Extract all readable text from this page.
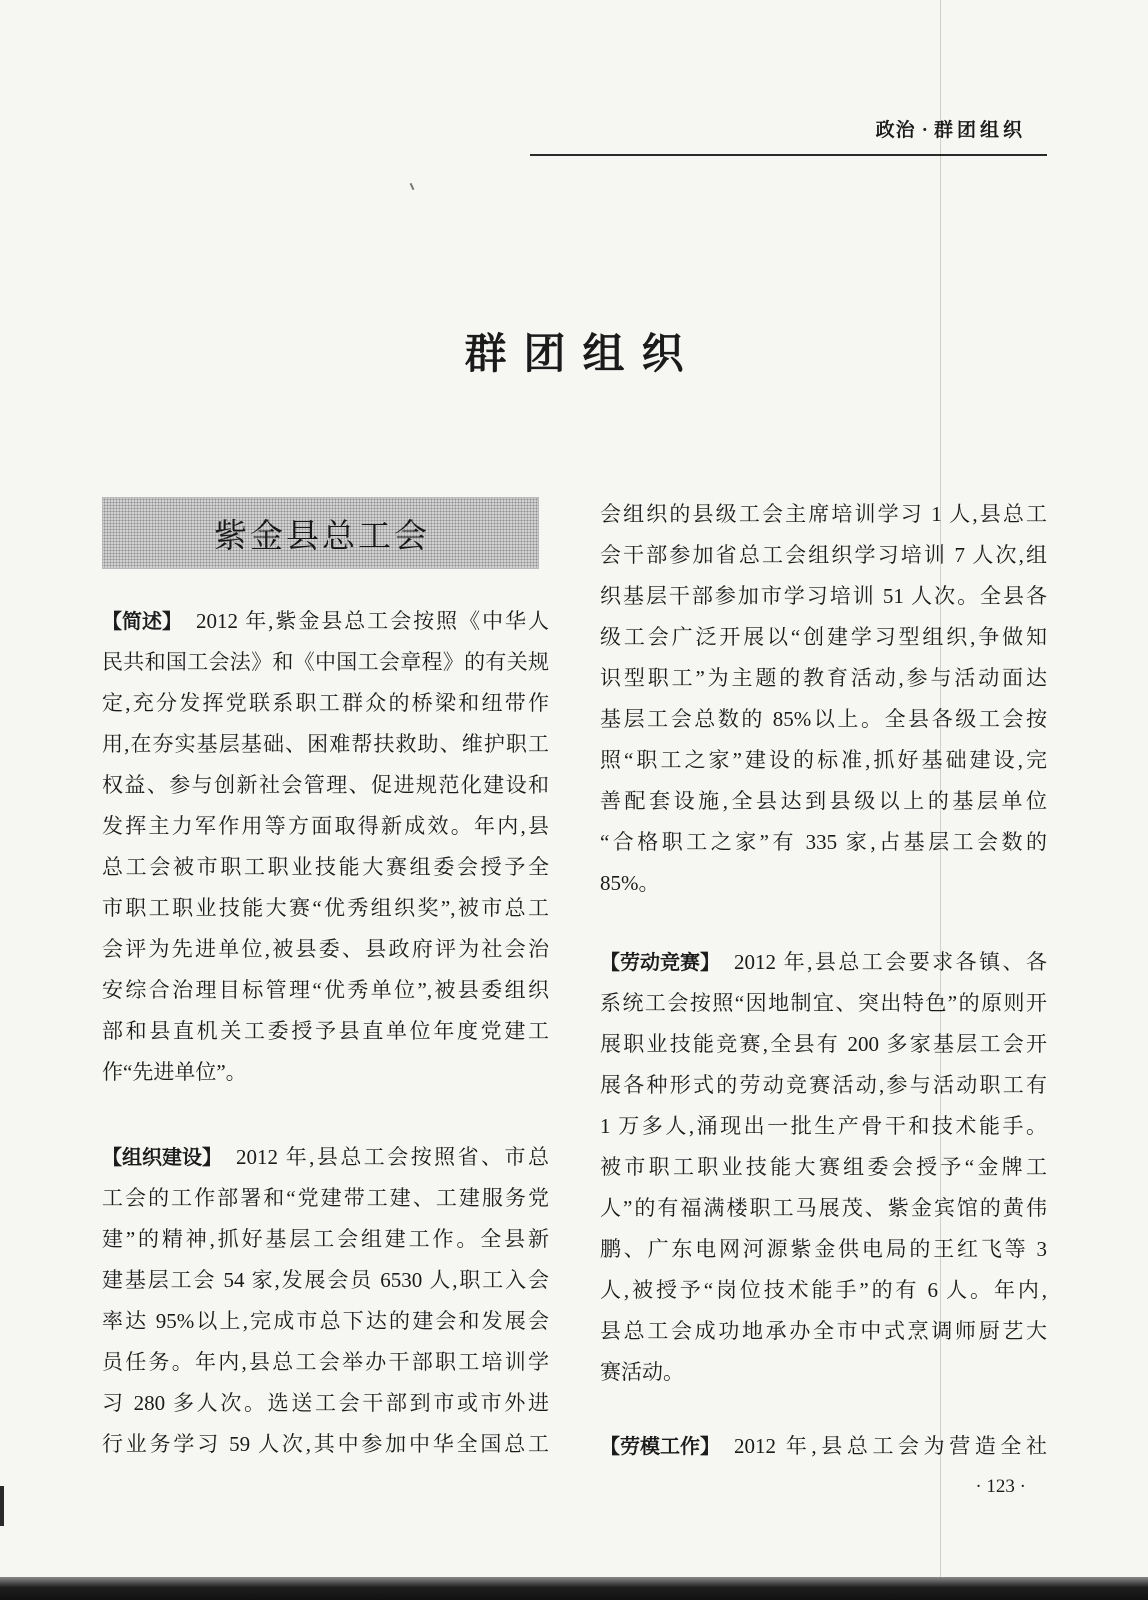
政治 · 群团组织
群团组织
紫金县总工会
【简述】 2012 年,紫金县总工会按照《中华人
民共和国工会法》和《中国工会章程》的有关规
定,充分发挥党联系职工群众的桥梁和纽带作
用,在夯实基层基础、困难帮扶救助、维护职工
权益、参与创新社会管理、促进规范化建设和
发挥主力军作用等方面取得新成效。年内,县
总工会被市职工职业技能大赛组委会授予全
市职工职业技能大赛“优秀组织奖”,被市总工
会评为先进单位,被县委、县政府评为社会治
安综合治理目标管理“优秀单位”,被县委组织
部和县直机关工委授予县直单位年度党建工
作“先进单位”。
【组织建设】 2012 年,县总工会按照省、市总
工会的工作部署和“党建带工建、工建服务党
建”的精神,抓好基层工会组建工作。全县新
建基层工会 54 家,发展会员 6530 人,职工入会
率达 95%以上,完成市总下达的建会和发展会
员任务。年内,县总工会举办干部职工培训学
习 280 多人次。选送工会干部到市或市外进
行业务学习 59 人次,其中参加中华全国总工
会组织的县级工会主席培训学习 1 人,县总工
会干部参加省总工会组织学习培训 7 人次,组
织基层干部参加市学习培训 51 人次。全县各
级工会广泛开展以“创建学习型组织,争做知
识型职工”为主题的教育活动,参与活动面达
基层工会总数的 85%以上。全县各级工会按
照“职工之家”建设的标准,抓好基础建设,完
善配套设施,全县达到县级以上的基层单位
“合格职工之家”有 335 家,占基层工会数的
85%。
【劳动竞赛】 2012 年,县总工会要求各镇、各
系统工会按照“因地制宜、突出特色”的原则开
展职业技能竞赛,全县有 200 多家基层工会开
展各种形式的劳动竞赛活动,参与活动职工有
1 万多人,涌现出一批生产骨干和技术能手。
被市职工职业技能大赛组委会授予“金牌工
人”的有福满楼职工马展茂、紫金宾馆的黄伟
鹏、广东电网河源紫金供电局的王红飞等 3
人,被授予“岗位技术能手”的有 6 人。年内,
县总工会成功地承办全市中式烹调师厨艺大
赛活动。
【劳模工作】 2012 年,县总工会为营造全社
· 123 ·
